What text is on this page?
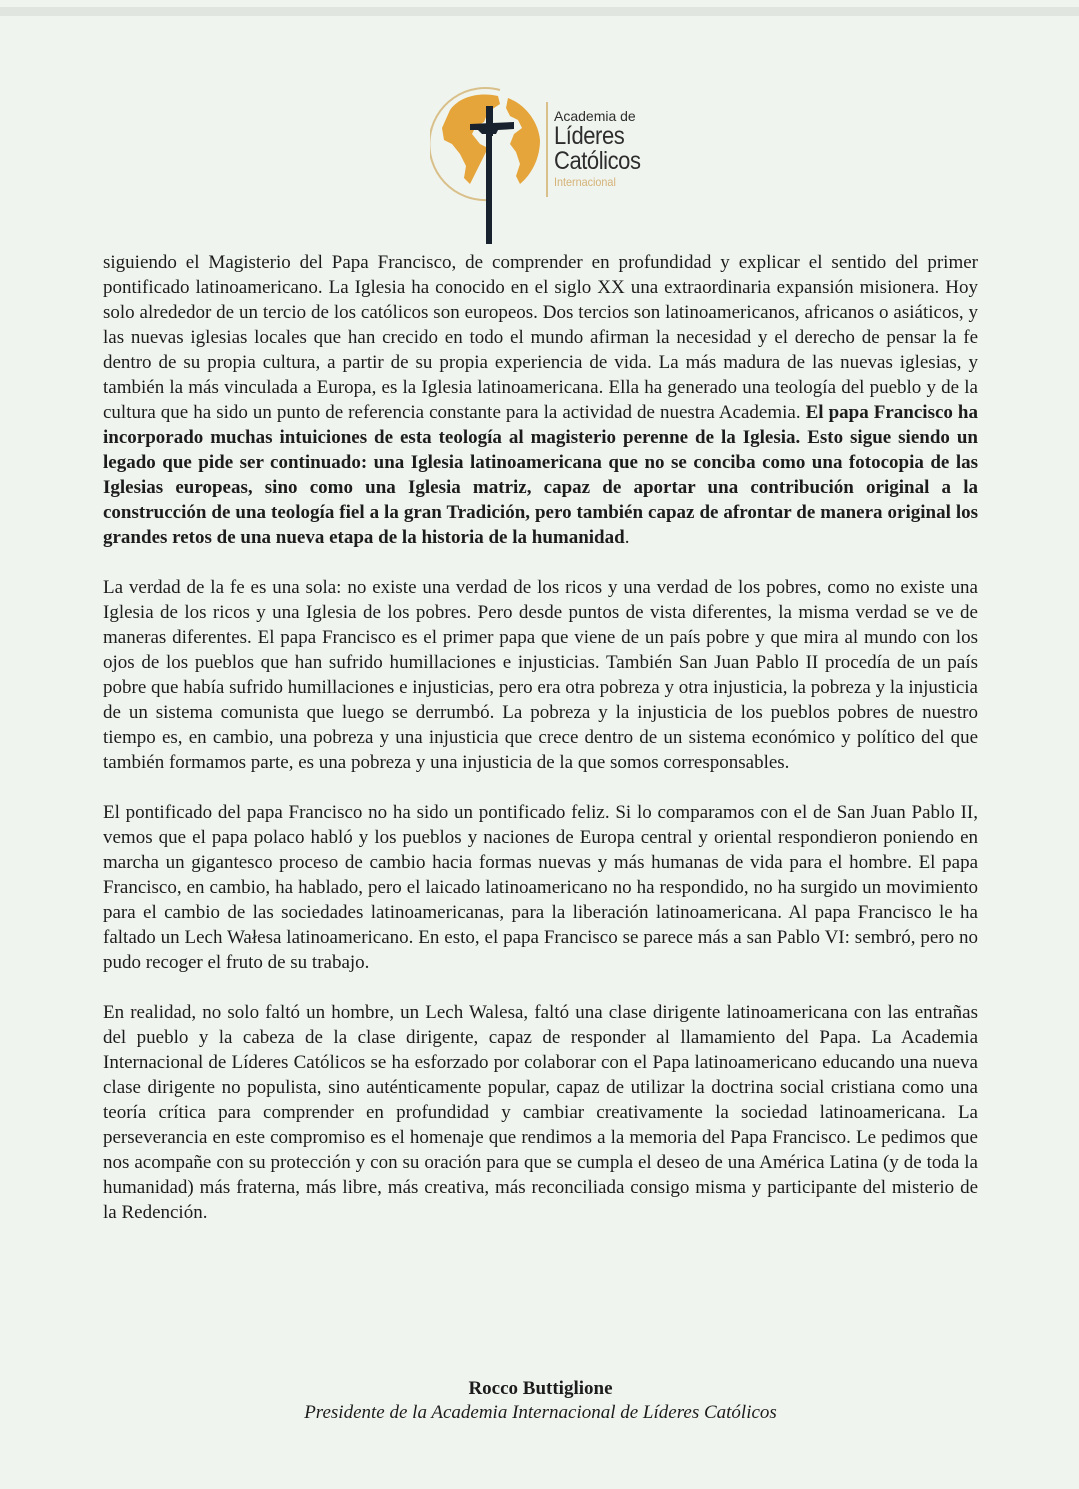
Academia de
Líderes
Católicos
Internacional

siguiendo el Magisterio del Papa Francisco, de comprender en profundidad y explicar el sentido del primer pontificado latinoamericano. La Iglesia ha conocido en el siglo XX una extraordinaria expansión misionera. Hoy solo alrededor de un tercio de los católicos son europeos. Dos tercios son latinoamericanos, africanos o asiáticos, y las nuevas iglesias locales que han crecido en todo el mundo afirman la necesidad y el derecho de pensar la fe dentro de su propia cultura, a partir de su propia experiencia de vida. La más madura de las nuevas iglesias, y también la más vinculada a Europa, es la Iglesia latinoamericana. Ella ha generado una teología del pueblo y de la cultura que ha sido un punto de referencia constante para la actividad de nuestra Academia. El papa Francisco ha incorporado muchas intuiciones de esta teología al magisterio perenne de la Iglesia. Esto sigue siendo un legado que pide ser continuado: una Iglesia latinoamericana que no se conciba como una fotocopia de las Iglesias europeas, sino como una Iglesia matriz, capaz de aportar una contribución original a la construcción de una teología fiel a la gran Tradición, pero también capaz de afrontar de manera original los grandes retos de una nueva etapa de la historia de la humanidad.

La verdad de la fe es una sola: no existe una verdad de los ricos y una verdad de los pobres, como no existe una Iglesia de los ricos y una Iglesia de los pobres. Pero desde puntos de vista diferentes, la misma verdad se ve de maneras diferentes. El papa Francisco es el primer papa que viene de un país pobre y que mira al mundo con los ojos de los pueblos que han sufrido humillaciones e injusticias. También San Juan Pablo II procedía de un país pobre que había sufrido humillaciones e injusticias, pero era otra pobreza y otra injusticia, la pobreza y la injusticia de un sistema comunista que luego se derrumbó. La pobreza y la injusticia de los pueblos pobres de nuestro tiempo es, en cambio, una pobreza y una injusticia que crece dentro de un sistema económico y político del que también formamos parte, es una pobreza y una injusticia de la que somos corresponsables.

El pontificado del papa Francisco no ha sido un pontificado feliz. Si lo comparamos con el de San Juan Pablo II, vemos que el papa polaco habló y los pueblos y naciones de Europa central y oriental respondieron poniendo en marcha un gigantesco proceso de cambio hacia formas nuevas y más humanas de vida para el hombre. El papa Francisco, en cambio, ha hablado, pero el laicado latinoamericano no ha respondido, no ha surgido un movimiento para el cambio de las sociedades latinoamericanas, para la liberación latinoamericana. Al papa Francisco le ha faltado un Lech Wałesa latinoamericano. En esto, el papa Francisco se parece más a san Pablo VI: sembró, pero no pudo recoger el fruto de su trabajo.

En realidad, no solo faltó un hombre, un Lech Walesa, faltó una clase dirigente latinoamericana con las entrañas del pueblo y la cabeza de la clase dirigente, capaz de responder al llamamiento del Papa. La Academia Internacional de Líderes Católicos se ha esforzado por colaborar con el Papa latinoamericano educando una nueva clase dirigente no populista, sino auténticamente popular, capaz de utilizar la doctrina social cristiana como una teoría crítica para comprender en profundidad y cambiar creativamente la sociedad latinoamericana. La perseverancia en este compromiso es el homenaje que rendimos a la memoria del Papa Francisco. Le pedimos que nos acompañe con su protección y con su oración para que se cumpla el deseo de una América Latina (y de toda la humanidad) más fraterna, más libre, más creativa, más reconciliada consigo misma y participante del misterio de la Redención.

Rocco Buttiglione
Presidente de la Academia Internacional de Líderes Católicos
